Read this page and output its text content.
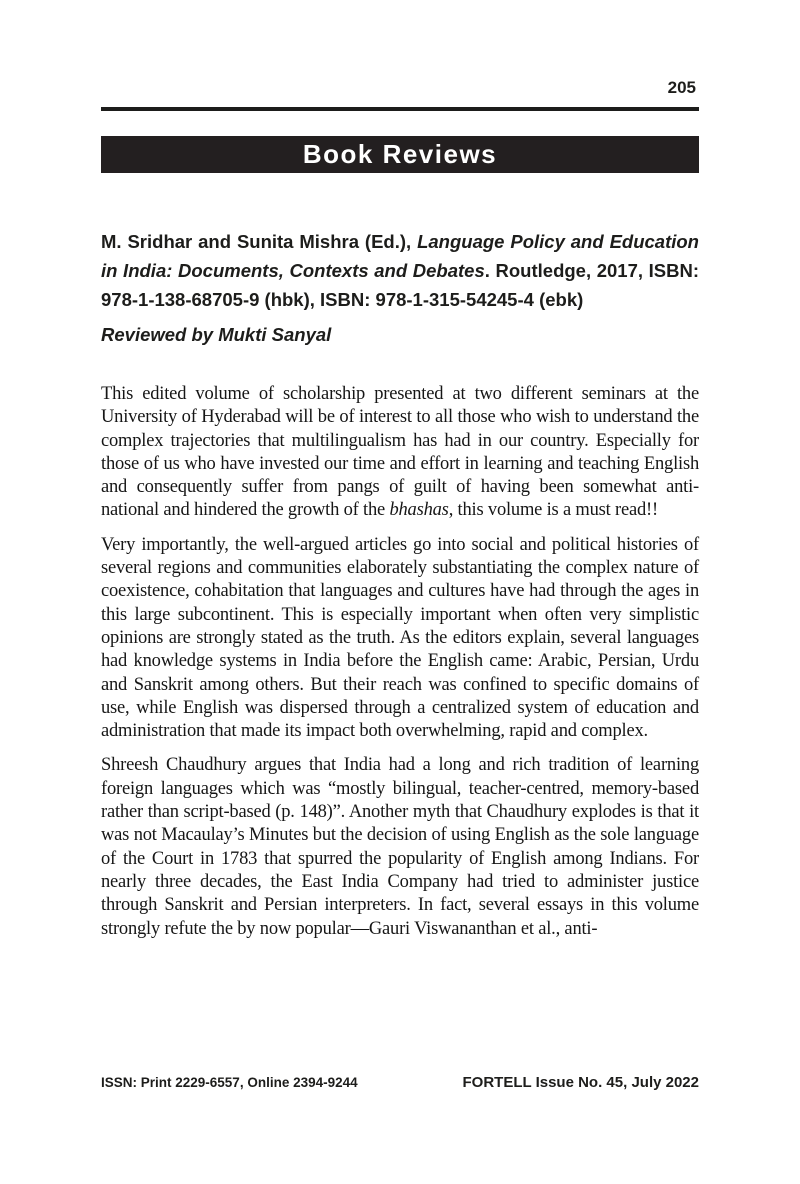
205
Book Reviews
M. Sridhar and Sunita Mishra (Ed.), Language Policy and Education in India: Documents, Contexts and Debates. Routledge, 2017, ISBN: 978-1-138-68705-9 (hbk), ISBN: 978-1-315-54245-4 (ebk)
Reviewed by Mukti Sanyal

This edited volume of scholarship presented at two different seminars at the University of Hyderabad will be of interest to all those who wish to understand the complex trajectories that multilingualism has had in our country. Especially for those of us who have invested our time and effort in learning and teaching English and consequently suffer from pangs of guilt of having been somewhat anti-national and hindered the growth of the bhashas, this volume is a must read!!

Very importantly, the well-argued articles go into social and political histories of several regions and communities elaborately substantiating the complex nature of coexistence, cohabitation that languages and cultures have had through the ages in this large subcontinent. This is especially important when often very simplistic opinions are strongly stated as the truth. As the editors explain, several languages had knowledge systems in India before the English came: Arabic, Persian, Urdu and Sanskrit among others. But their reach was confined to specific domains of use, while English was dispersed through a centralized system of education and administration that made its impact both overwhelming, rapid and complex.

Shreesh Chaudhury argues that India had a long and rich tradition of learning foreign languages which was “mostly bilingual, teacher-centred, memory-based rather than script-based (p. 148)”. Another myth that Chaudhury explodes is that it was not Macaulay’s Minutes but the decision of using English as the sole language of the Court in 1783 that spurred the popularity of English among Indians. For nearly three decades, the East India Company had tried to administer justice through Sanskrit and Persian interpreters. In fact, several essays in this volume strongly refute the by now popular—Gauri Viswananthan et al., anti-

ISSN: Print 2229-6557, Online 2394-9244	FORTELL Issue No. 45, July 2022
